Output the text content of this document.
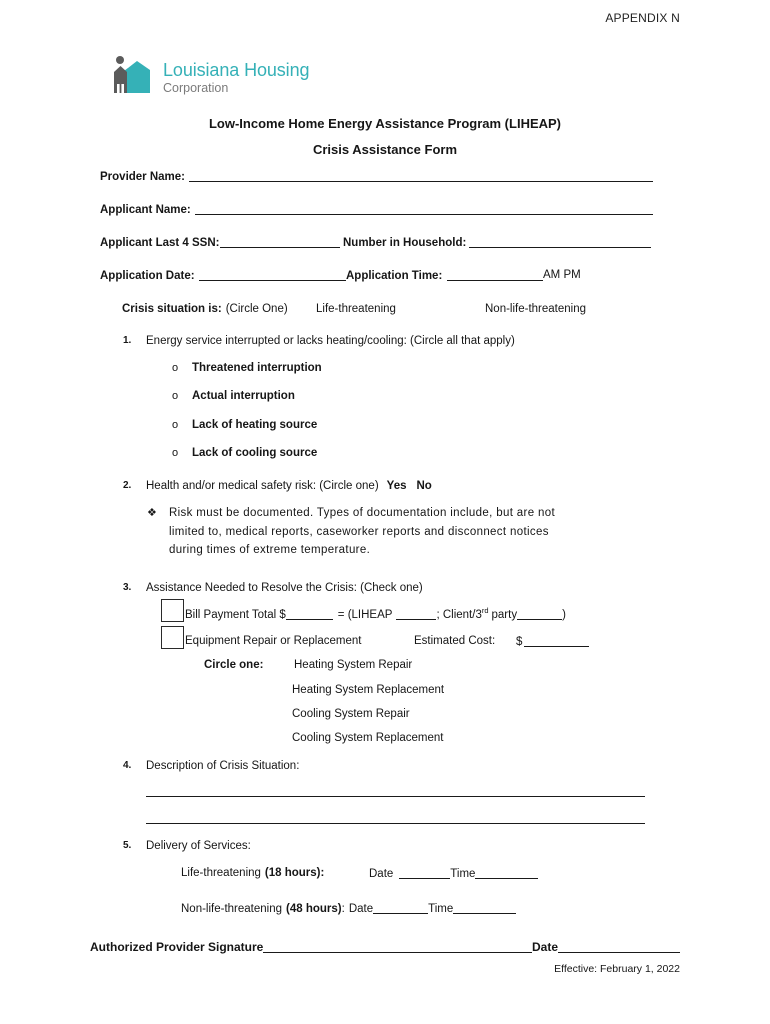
APPENDIX N
Louisiana Housing
Corporation
Low-Income Home Energy Assistance Program (LIHEAP)
Crisis Assistance Form
Provider Name:
Applicant Name:
Applicant Last 4 SSN:	Number in Household:
Application Date:	Application Time:	AM PM
Crisis situation is: (Circle One) Life-threatening	Non-life-threatening
1. Energy service interrupted or lacks heating/cooling: (Circle all that apply)
o Threatened interruption
o Actual interruption
o Lack of heating source
o Lack of cooling source
2. Health and/or medical safety risk: (Circle one) Yes No
❖ Risk must be documented. Types of documentation include, but are not
limited to, medical reports, caseworker reports and disconnect notices
during times of extreme temperature.
3. Assistance Needed to Resolve the Crisis: (Check one)
Bill Payment Total $	= (LIHEAP	; Client/3rd party	)
Equipment Repair or Replacement	Estimated Cost: $
Circle one:	Heating System Repair
Heating System Replacement
Cooling System Repair
Cooling System Replacement
4. Description of Crisis Situation:
5. Delivery of Services:
Life-threatening (18 hours):	Date	Time
Non-life-threatening (48 hours): Date	Time
Authorized Provider Signature	Date
Effective: February 1, 2022
